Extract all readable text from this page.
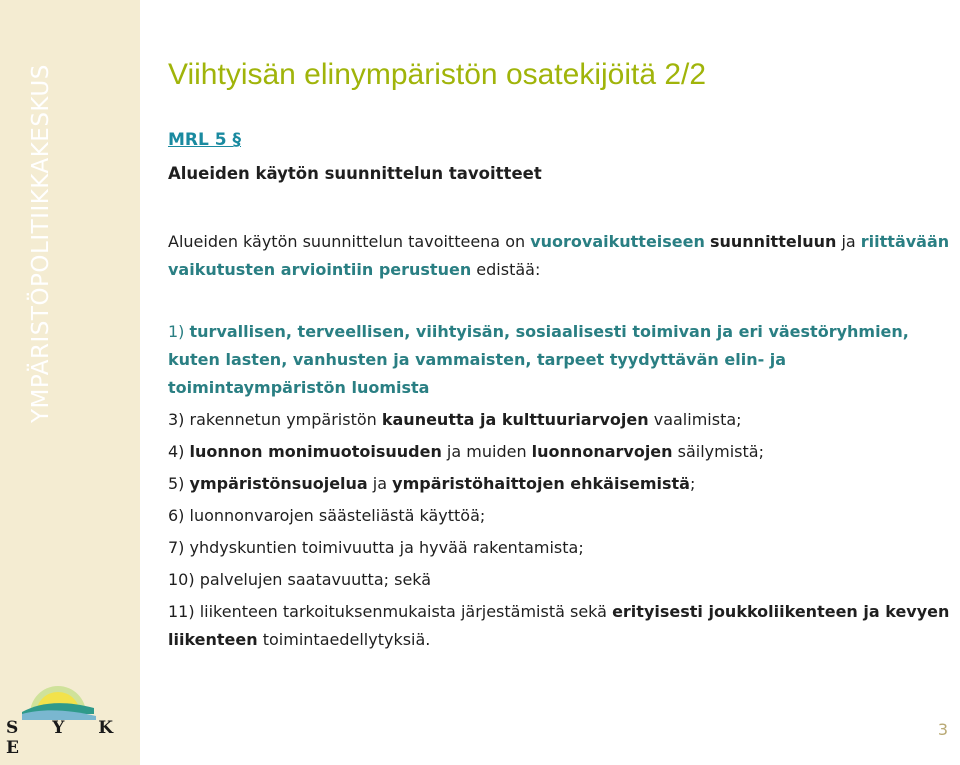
YMPÄRISTÖPOLITIIKKAKESKUS
S Y K E
3
Viihtyisän elinympäristön osatekijöitä 2/2
MRL 5 §
Alueiden käytön suunnittelun tavoitteet

Alueiden käytön suunnittelun tavoitteena on vuorovaikutteiseen suunnitteluun ja riittävään vaikutusten arviointiin perustuen edistää:

1) turvallisen, terveellisen, viihtyisän, sosiaalisesti toimivan ja eri väestöryhmien, kuten lasten, vanhusten ja vammaisten, tarpeet tyydyttävän elin- ja toimintaympäristön luomista

3) rakennetun ympäristön kauneutta ja kulttuuriarvojen vaalimista;

4) luonnon monimuotoisuuden ja muiden luonnonarvojen säilymistä;

5) ympäristönsuojelua ja ympäristöhaittojen ehkäisemistä;

6) luonnonvarojen säästeliästä käyttöä;

7) yhdyskuntien toimivuutta ja hyvää rakentamista;

10) palvelujen saatavuutta; sekä

11) liikenteen tarkoituksenmukaista järjestämistä sekä erityisesti joukkoliikenteen ja kevyen liikenteen toimintaedellytyksiä.
